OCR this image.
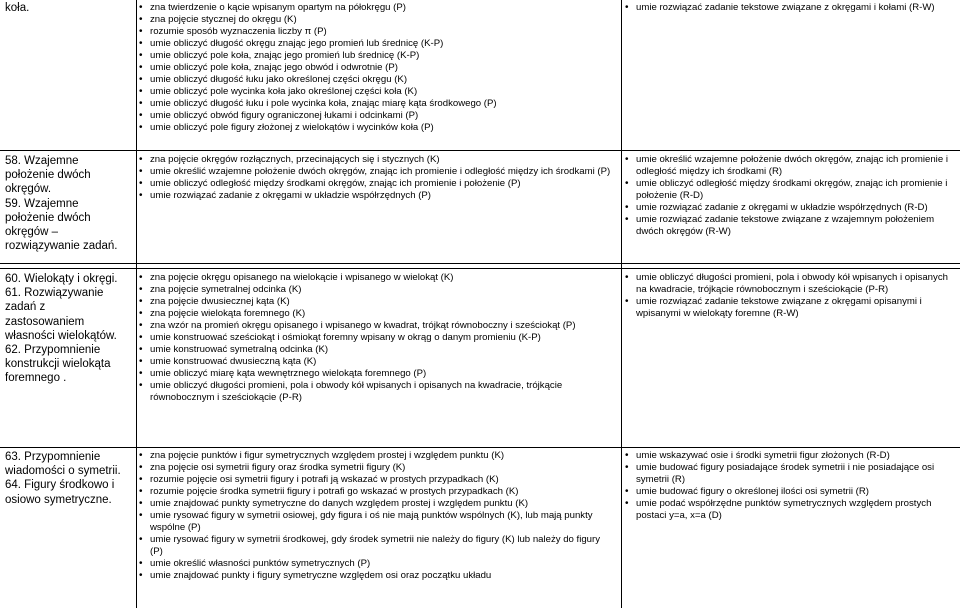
koła.
•	zna twierdzenie o kącie wpisanym opartym na półokręgu (P)
• zna pojęcie stycznej do okręgu (K)
• rozumie sposób wyznaczenia liczby π (P)
• umie obliczyć długość okręgu znając jego promień lub średnicę (K-P)
• umie obliczyć pole koła, znając jego promień lub średnicę (K-P)
• umie obliczyć pole koła, znając jego obwód i odwrotnie (P)
• umie obliczyć długość łuku jako określonej części okręgu (K)
• umie obliczyć pole wycinka koła jako określonej części koła (K)
• umie obliczyć długość łuku i pole wycinka koła, znając miarę kąta środkowego (P)
• umie obliczyć obwód figury ograniczonej łukami i odcinkami (P)
• umie obliczyć pole figury złożonej z wielokątów i wycinków koła (P)
• umie rozwiązać zadanie tekstowe związane z okręgami i kołami (R-W)
58. Wzajemne
położenie dwóch
okręgów.
59. Wzajemne
położenie dwóch
okręgów –
rozwiązywanie zadań.
• zna pojęcie okręgów rozłącznych, przecinających się i stycznych (K)
• umie określić wzajemne położenie dwóch okręgów, znając ich promienie i odległość między ich środkami (P)
• umie obliczyć odległość między środkami okręgów, znając ich promienie i położenie (P)
• umie rozwiązać zadanie z okręgami w układzie współrzędnych (P)
• umie określić wzajemne położenie dwóch okręgów, znając ich promienie i odległość między ich środkami (R)
• umie obliczyć odległość między środkami okręgów, znając ich promienie i położenie (R-D)
• umie rozwiązać zadanie z okręgami w układzie współrzędnych (R-D)
• umie rozwiązać zadanie tekstowe związane z wzajemnym położeniem dwóch okręgów (R-W)
60. Wielokąty i okręgi.
61. Rozwiązywanie
zadań z
zastosowaniem
własności wielokątów.
62. Przypomnienie
konstrukcji wielokąta
foremnego .
• zna pojęcie okręgu opisanego na wielokącie i wpisanego w wielokąt (K)
• zna pojęcie symetralnej odcinka (K)
• zna pojęcie dwusiecznej kąta (K)
• zna pojęcie wielokąta foremnego (K)
• zna wzór na promień okręgu opisanego i wpisanego w kwadrat, trójkąt równoboczny i sześciokąt (P)
• umie konstruować sześciokąt i ośmiokąt foremny wpisany w okrąg o danym promieniu (K-P)
• umie konstruować symetralną odcinka (K)
• umie konstruować dwusieczną kąta (K)
• umie obliczyć miarę kąta wewnętrznego wielokąta foremnego (P)
• umie obliczyć długości promieni, pola i obwody kół wpisanych i opisanych na kwadracie, trójkącie równobocznym i sześciokącie (P-R)
• umie obliczyć długości promieni, pola i obwody kół wpisanych i opisanych na kwadracie, trójkącie równobocznym i sześciokącie (P-R)
• umie rozwiązać zadanie tekstowe związane z okręgami opisanymi i wpisanymi w wielokąty foremne (R-W)
63. Przypomnienie
wiadomości o symetrii.
64. Figury środkowo i
osiowo symetryczne.
• zna pojęcie punktów i figur symetrycznych względem prostej i względem punktu (K)
• zna pojęcie osi symetrii figury oraz środka symetrii figury (K)
• rozumie pojęcie osi symetrii figury i potrafi ją wskazać w prostych przypadkach (K)
• rozumie pojęcie środka symetrii figury i potrafi go wskazać w prostych przypadkach (K)
• umie znajdować punkty symetryczne do danych względem prostej i względem punktu (K)
• umie rysować figury w symetrii osiowej, gdy figura i oś nie mają punktów wspólnych (K), lub mają punkty wspólne (P)
• umie rysować figury w symetrii środkowej, gdy środek symetrii nie należy do figury (K) lub należy do figury (P)
• umie określić własności punktów symetrycznych (P)
• umie znajdować punkty i figury symetryczne względem osi oraz początku układu
• umie wskazywać osie i środki symetrii figur złożonych (R-D)
• umie budować figury posiadające środek symetrii i nie posiadające osi symetrii (R)
• umie budować figury o określonej ilości osi symetrii (R)
• umie podać współrzędne punktów symetrycznych względem prostych postaci y=a, x=a (D)
